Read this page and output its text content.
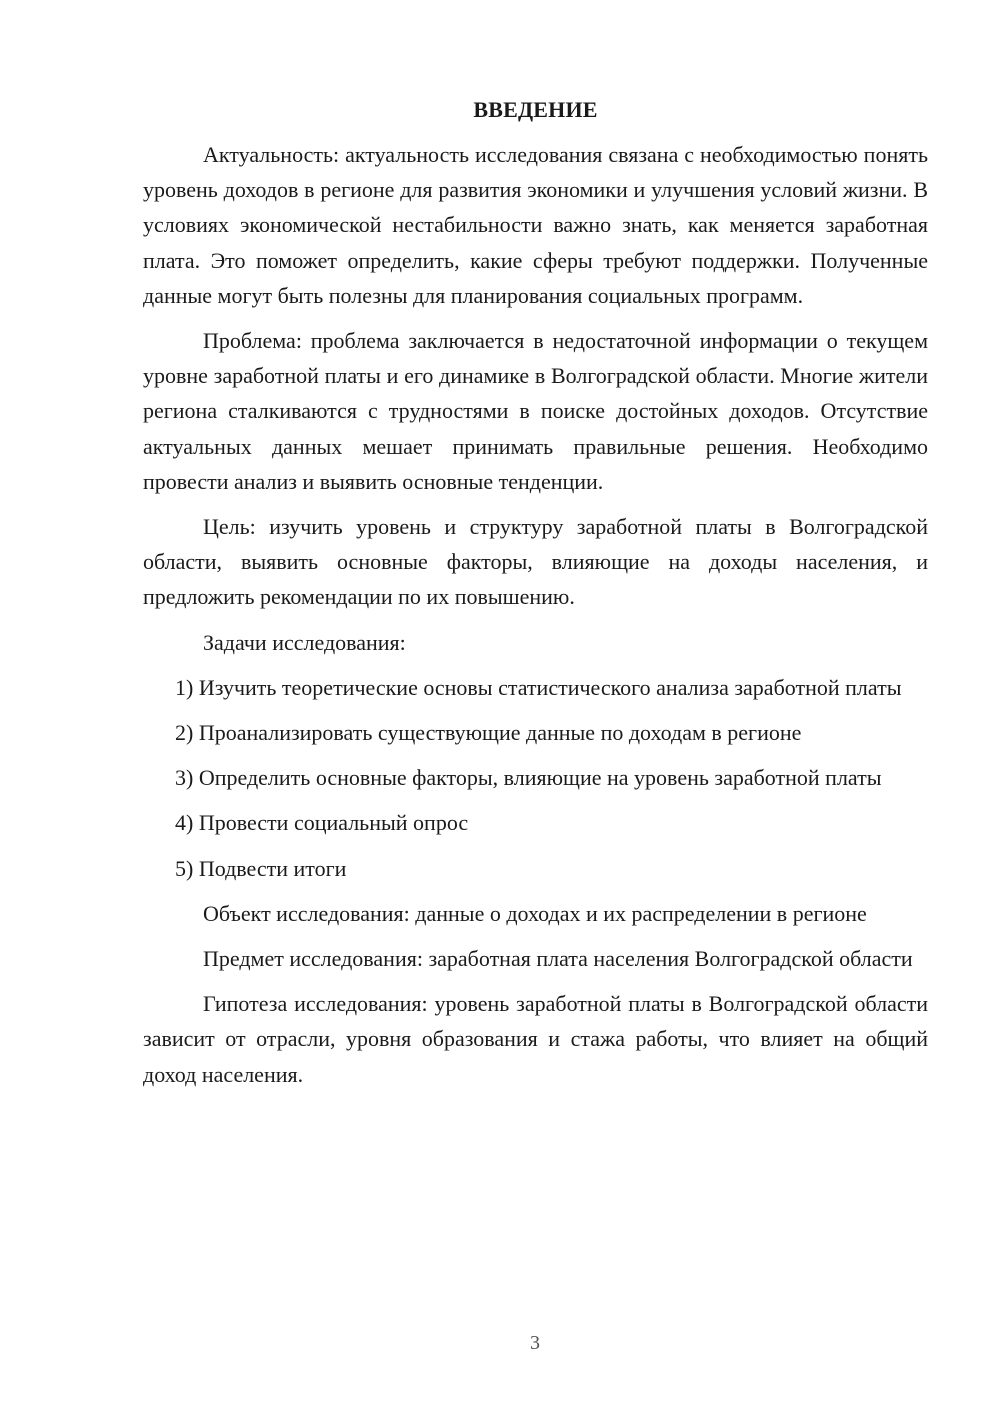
ВВЕДЕНИЕ

Актуальность: актуальность исследования связана с необходимостью понять уровень доходов в регионе для развития экономики и улучшения условий жизни. В условиях экономической нестабильности важно знать, как меняется заработная плата. Это поможет определить, какие сферы требуют поддержки. Полученные данные могут быть полезны для планирования социальных программ.

Проблема: проблема заключается в недостаточной информации о текущем уровне заработной платы и его динамике в Волгоградской области. Многие жители региона сталкиваются с трудностями в поиске достойных доходов. Отсутствие актуальных данных мешает принимать правильные решения. Необходимо провести анализ и выявить основные тенденции.

Цель: изучить уровень и структуру заработной платы в Волгоградской области, выявить основные факторы, влияющие на доходы населения, и предложить рекомендации по их повышению.

Задачи исследования:

1) Изучить теоретические основы статистического анализа заработной платы

2) Проанализировать существующие данные по доходам в регионе

3) Определить основные факторы, влияющие на уровень заработной платы

4) Провести социальный опрос

5) Подвести итоги

Объект исследования: данные о доходах и их распределении в регионе

Предмет исследования: заработная плата населения Волгоградской области

Гипотеза исследования: уровень заработной платы в Волгоградской области зависит от отрасли, уровня образования и стажа работы, что влияет на общий доход населения.

3
